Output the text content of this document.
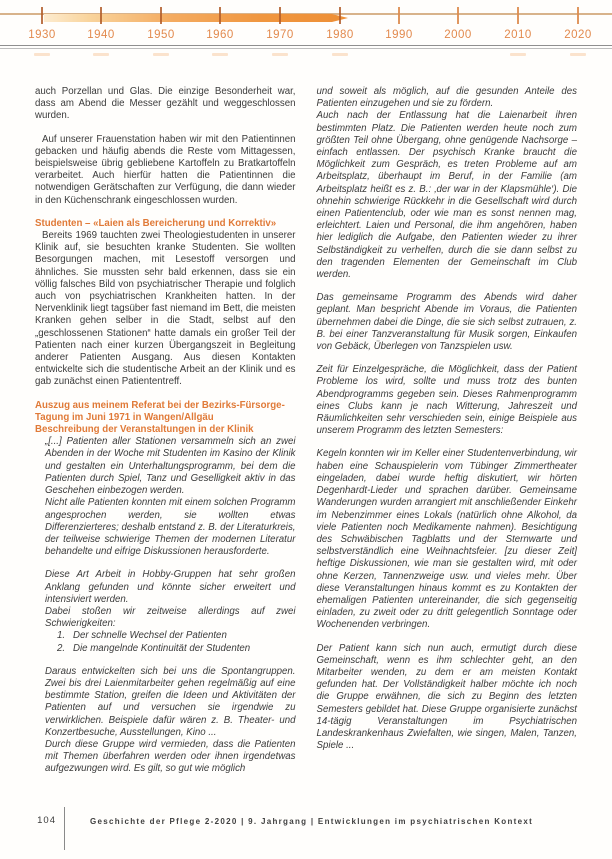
1930	1940	1950	1960	1970	1980	1990	2000	2010	2020

auch Porzellan und Glas. Die einzige Besonderheit war, dass am Abend die Messer gezählt und weggeschlossen wurden.

Auf unserer Frauenstation haben wir mit den Patientinnen gebacken und häufig abends die Reste vom Mittagessen, beispielsweise übrig gebliebene Kartoffeln zu Bratkartoffeln verarbeitet. Auch hierfür hatten die Patientinnen die notwendigen Gerätschaften zur Verfügung, die dann wieder in den Küchenschrank eingeschlossen wurden.

Studenten – «Laien als Bereicherung und Korrektiv»

Bereits 1969 tauchten zwei Theologiestudenten in unserer Klinik auf, sie besuchten kranke Studenten. Sie wollten Besorgungen machen, mit Lesestoff versorgen und ähnliches. Sie mussten sehr bald erkennen, dass sie ein völlig falsches Bild von psychiatrischer Therapie und folglich auch von psychiatrischen Krankheiten hatten. In der Nervenklinik liegt tagsüber fast niemand im Bett, die meisten Kranken gehen selber in die Stadt, selbst auf den „geschlossenen Stationen“ hatte damals ein großer Teil der Patienten nach einer kurzen Übergangszeit in Begleitung anderer Patienten Ausgang. Aus diesen Kontakten entwickelte sich die studentische Arbeit an der Klinik und es gab zunächst einen Patiententreff.

Auszug aus meinem Referat bei der Bezirks-Fürsorge-Tagung im Juni 1971 in Wangen/Allgäu
Beschreibung der Veranstaltungen in der Klinik

„[...] Patienten aller Stationen versammeln sich an zwei Abenden in der Woche mit Studenten im Kasino der Klinik und gestalten ein Unterhaltungsprogramm, bei dem die Patienten durch Spiel, Tanz und Geselligkeit aktiv in das Geschehen einbezogen werden.

Nicht alle Patienten konnten mit einem solchen Programm angesprochen werden, sie wollten etwas Differenzierteres; deshalb entstand z. B. der Literaturkreis, der teilweise schwierige Themen der modernen Literatur behandelte und eifrige Diskussionen herausforderte.

Diese Art Arbeit in Hobby-Gruppen hat sehr großen Anklang gefunden und könnte sicher erweitert und intensiviert werden.

Dabei stoßen wir zeitweise allerdings auf zwei Schwierigkeiten:

1. Der schnelle Wechsel der Patienten
2. Die mangelnde Kontinuität der Studenten

Daraus entwickelten sich bei uns die Spontangruppen. Zwei bis drei Laienmitarbeiter gehen regelmäßig auf eine bestimmte Station, greifen die Ideen und Aktivitäten der Patienten auf und versuchen sie irgendwie zu verwirklichen. Beispiele dafür wären z. B. Theater- und Konzertbesuche, Ausstellungen, Kino ...

Durch diese Gruppe wird vermieden, dass die Patienten mit Themen überfahren werden oder ihnen irgendetwas aufgezwungen wird. Es gilt, so gut wie möglich

und soweit als möglich, auf die gesunden Anteile des Patienten einzugehen und sie zu fördern.

Auch nach der Entlassung hat die Laienarbeit ihren bestimmten Platz. Die Patienten werden heute noch zum größten Teil ohne Übergang, ohne genügende Nachsorge – einfach entlassen. Der psychisch Kranke braucht die Möglichkeit zum Gespräch, es treten Probleme auf am Arbeitsplatz, überhaupt im Beruf, in der Familie (am Arbeitsplatz heißt es z. B.: ‚der war in der Klapsmühle‘). Die ohnehin schwierige Rückkehr in die Gesellschaft wird durch einen Patientenclub, oder wie man es sonst nennen mag, erleichtert. Laien und Personal, die ihm angehören, haben hier lediglich die Aufgabe, den Patienten wieder zu ihrer Selbständigkeit zu verhelfen, durch die sie dann selbst zu den tragenden Elementen der Gemeinschaft im Club werden.

Das gemeinsame Programm des Abends wird daher geplant. Man bespricht Abende im Voraus, die Patienten übernehmen dabei die Dinge, die sie sich selbst zutrauen, z. B. bei einer Tanzveranstaltung für Musik sorgen, Einkaufen von Gebäck, Überlegen von Tanzspielen usw.

Zeit für Einzelgespräche, die Möglichkeit, dass der Patient Probleme los wird, sollte und muss trotz des bunten Abendprogramms gegeben sein. Dieses Rahmenprogramm eines Clubs kann je nach Witterung, Jahreszeit und Räumlichkeiten sehr verschieden sein, einige Beispiele aus unserem Programm des letzten Semesters:

Kegeln konnten wir im Keller einer Studentenverbindung, wir haben eine Schauspielerin vom Tübinger Zimmertheater eingeladen, dabei wurde heftig diskutiert, wir hörten Degenhardt-Lieder und sprachen darüber. Gemeinsame Wanderungen wurden arrangiert mit anschließender Einkehr im Nebenzimmer eines Lokals (natürlich ohne Alkohol, da viele Patienten noch Medikamente nahmen). Besichtigung des Schwäbischen Tagblatts und der Sternwarte und selbstverständlich eine Weihnachtsfeier. [zu dieser Zeit] heftige Diskussionen, wie man sie gestalten wird, mit oder ohne Kerzen, Tannenzweige usw. und vieles mehr. Über diese Veranstaltungen hinaus kommt es zu Kontakten der ehemaligen Patienten untereinander, die sich gegenseitig einladen, zu zweit oder zu dritt gelegentlich Sonntage oder Wochenenden verbringen.

Der Patient kann sich nun auch, ermutigt durch diese Gemeinschaft, wenn es ihm schlechter geht, an den Mitarbeiter wenden, zu dem er am meisten Kontakt gefunden hat. Der Vollständigkeit halber möchte ich noch die Gruppe erwähnen, die sich zu Beginn des letzten Semesters gebildet hat. Diese Gruppe organisierte zunächst 14-tägig Veranstaltungen im Psychiatrischen Landeskrankenhaus Zwiefalten, wie singen, Malen, Tanzen, Spiele ...

104	Geschichte der Pflege 2-2020 | 9. Jahrgang | Entwicklungen im psychiatrischen Kontext
